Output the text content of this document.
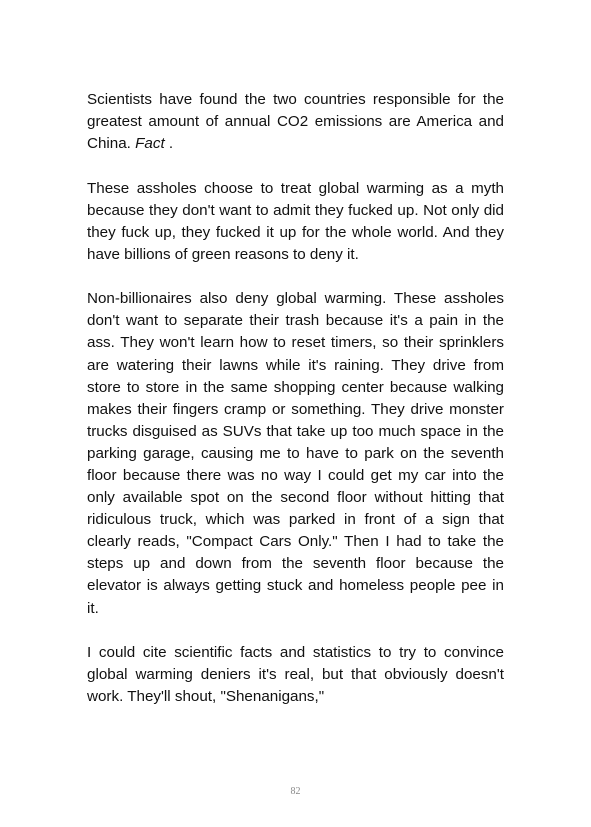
Scientists have found the two countries responsible for the greatest amount of annual CO2 emissions are America and China. Fact .

These assholes choose to treat global warming as a myth because they don't want to admit they fucked up. Not only did they fuck up, they fucked it up for the whole world. And they have billions of green reasons to deny it.

Non-billionaires also deny global warming. These assholes don't want to separate their trash because it's a pain in the ass. They won't learn how to reset timers, so their sprinklers are watering their lawns while it's raining. They drive from store to store in the same shopping center because walking makes their fingers cramp or something. They drive monster trucks disguised as SUVs that take up too much space in the parking garage, causing me to have to park on the seventh floor because there was no way I could get my car into the only available spot on the second floor without hitting that ridiculous truck, which was parked in front of a sign that clearly reads, "Compact Cars Only." Then I had to take the steps up and down from the seventh floor because the elevator is always getting stuck and homeless people pee in it.

I could cite scientific facts and statistics to try to convince global warming deniers it's real, but that obviously doesn't work. They'll shout, "Shenanigans,"

82
